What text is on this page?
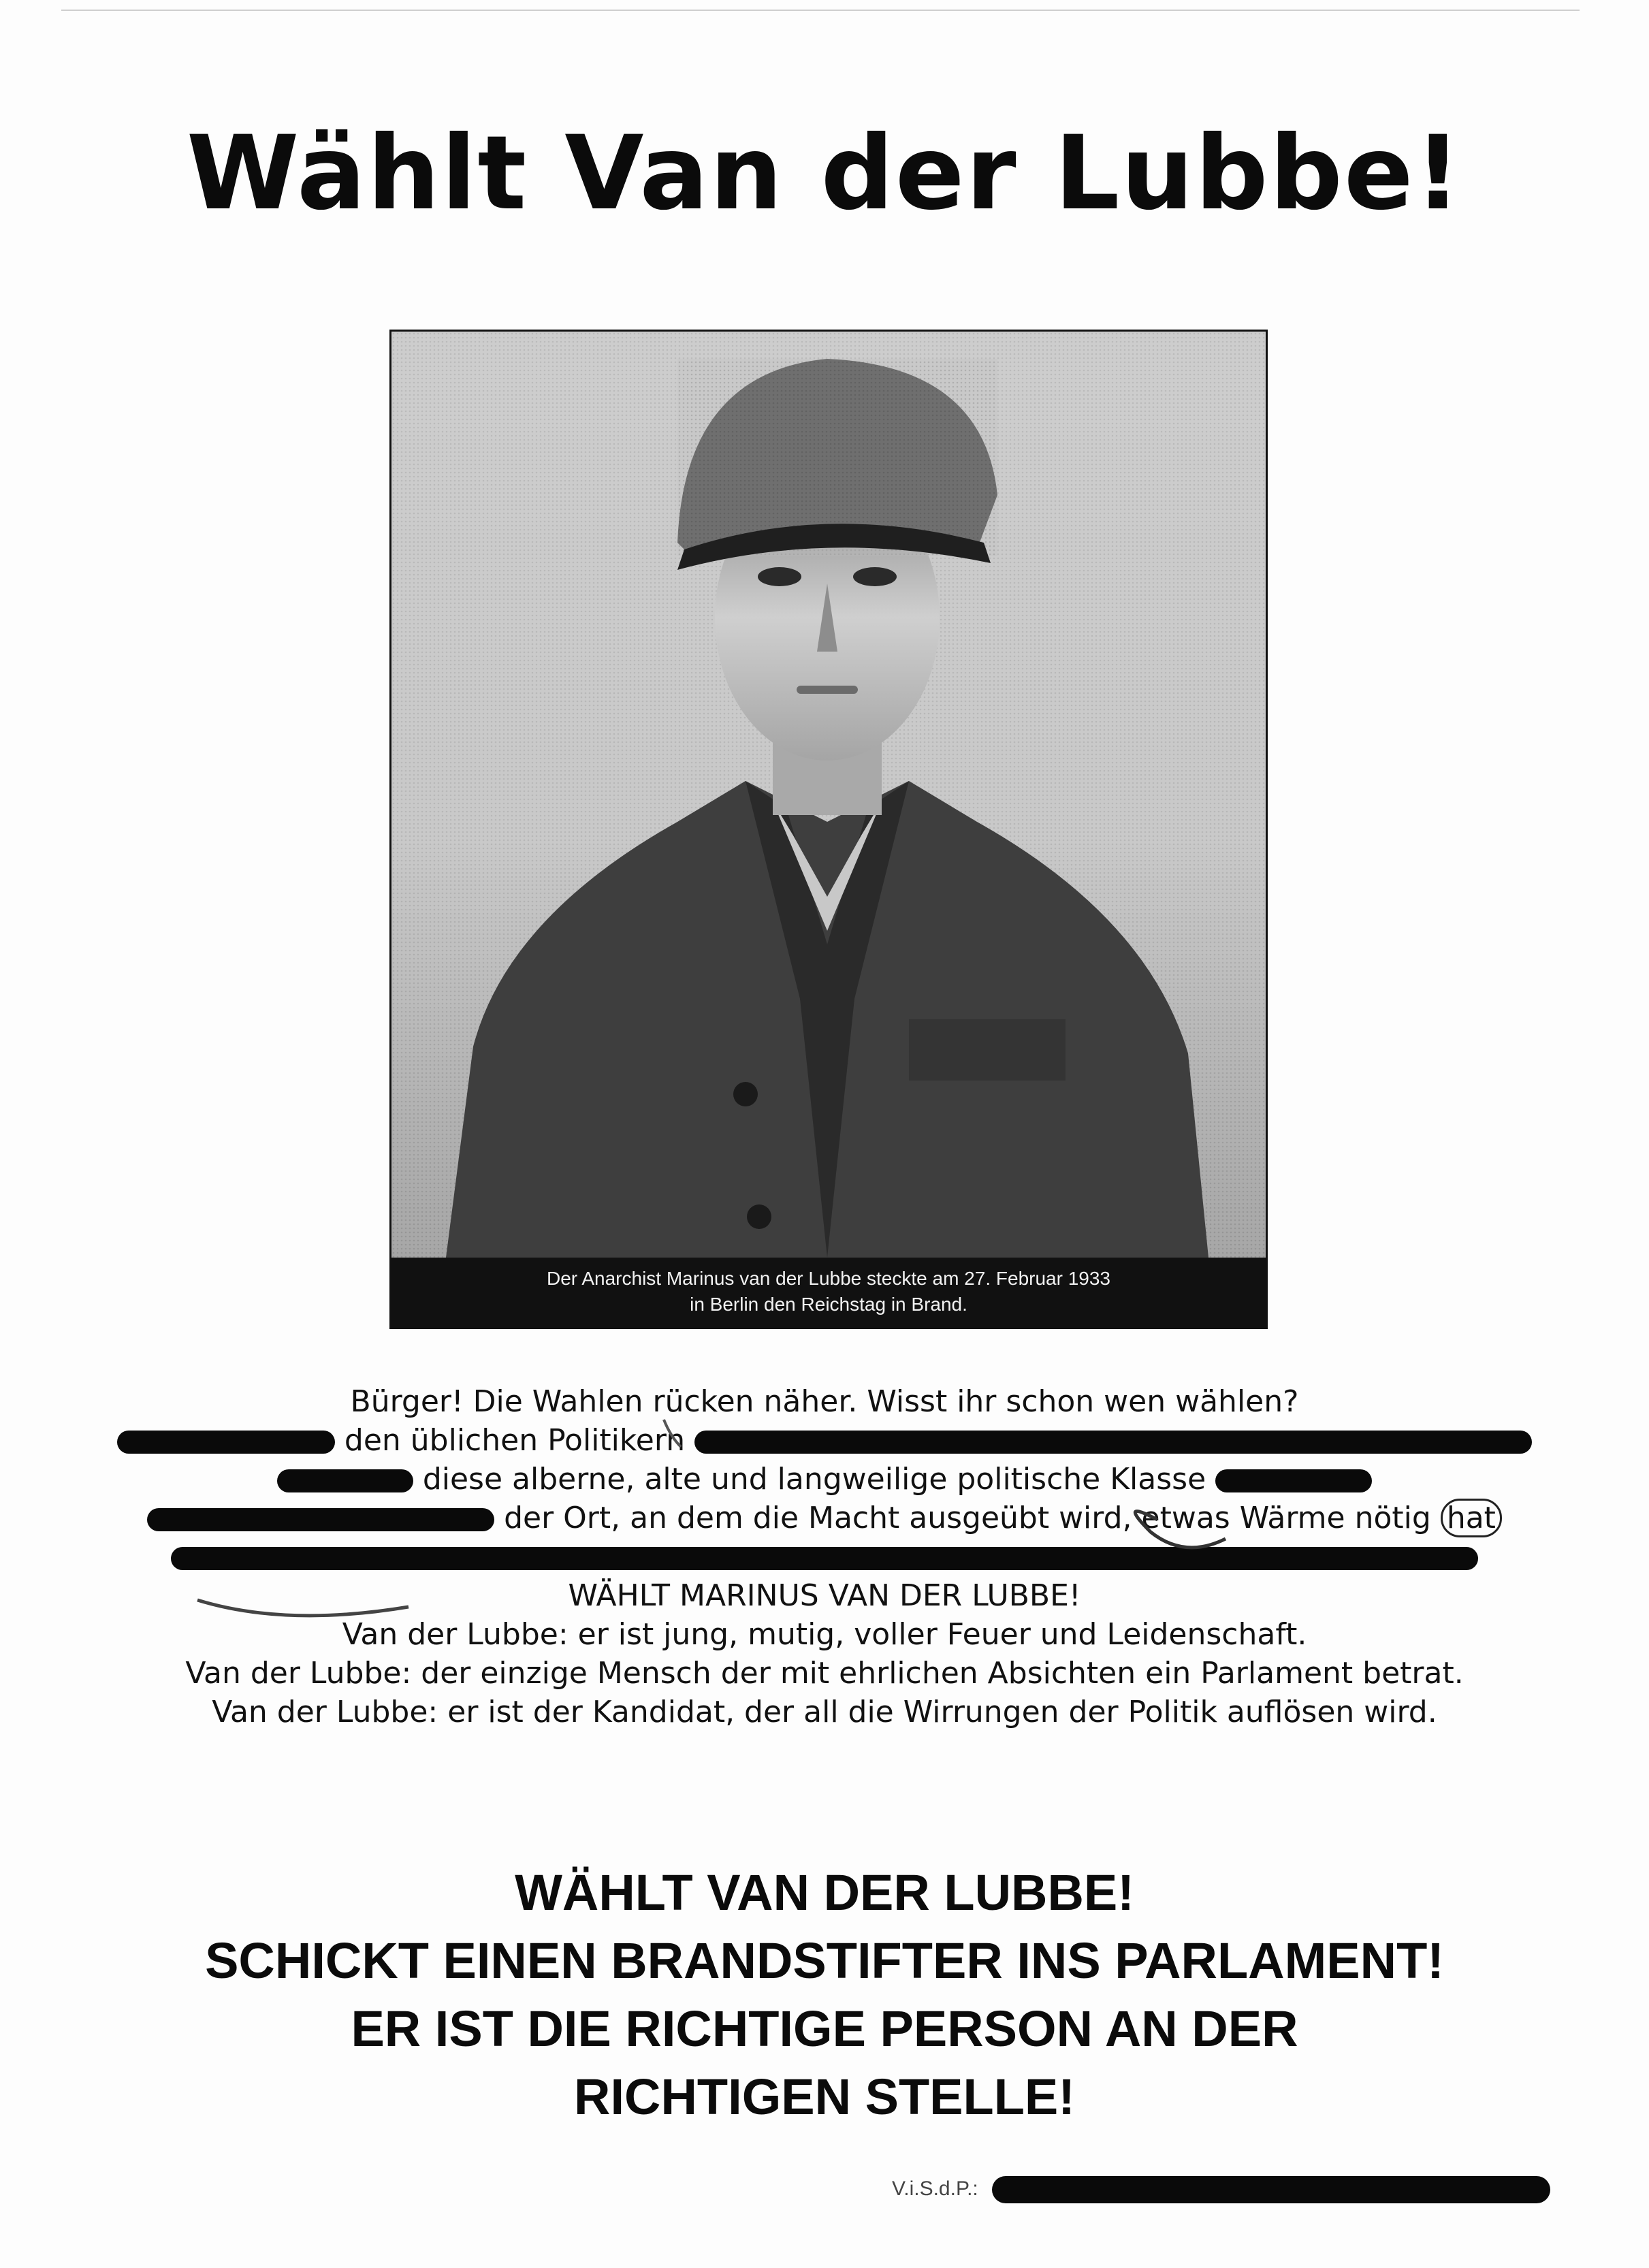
Wählt Van der Lubbe!
Der Anarchist Marinus van der Lubbe steckte am 27. Februar 1933
in Berlin den Reichstag in Brand.
Bürger! Die Wahlen rücken näher. Wisst ihr schon wen wählen?
den üblichen Politikern
diese alberne, alte und langweilige politische Klasse
der Ort, an dem die Macht ausgeübt wird, etwas Wärme nötig hat
WÄHLT MARINUS VAN DER LUBBE!
Van der Lubbe: er ist jung, mutig, voller Feuer und Leidenschaft.
Van der Lubbe: der einzige Mensch der mit ehrlichen Absichten ein Parlament betrat.
Van der Lubbe: er ist der Kandidat, der all die Wirrungen der Politik auflösen wird.
WÄHLT VAN DER LUBBE!
SCHICKT EINEN BRANDSTIFTER INS PARLAMENT!
ER IST DIE RICHTIGE PERSON AN DER
RICHTIGEN STELLE!
V.i.S.d.P.:
